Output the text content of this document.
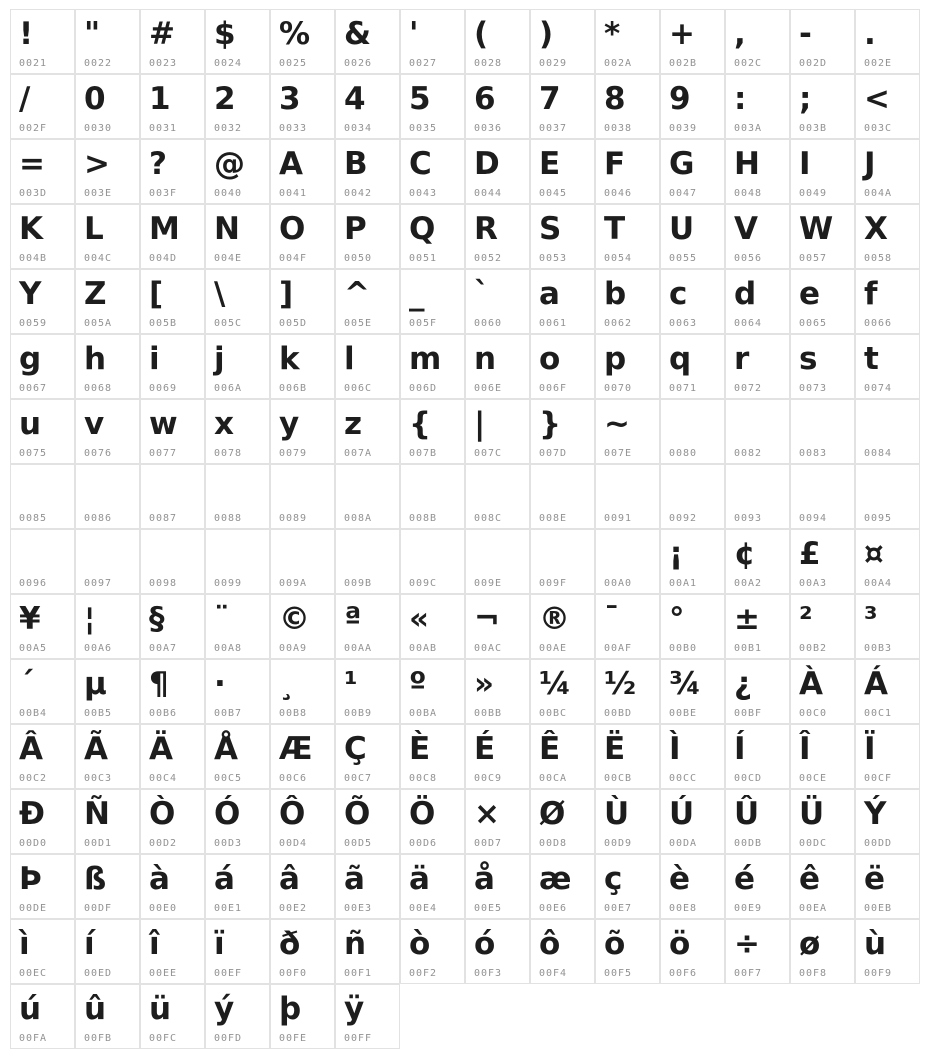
!
0021
"
0022
#
0023
$
0024
%
0025
&
0026
'
0027
(
0028
)
0029
*
002A
+
002B
,
002C
-
002D
.
002E
/
002F
0
0030
1
0031
2
0032
3
0033
4
0034
5
0035
6
0036
7
0037
8
0038
9
0039
:
003A
;
003B
<
003C
=
003D
>
003E
?
003F
@
0040
A
0041
B
0042
C
0043
D
0044
E
0045
F
0046
G
0047
H
0048
I
0049
J
004A
K
004B
L
004C
M
004D
N
004E
O
004F
P
0050
Q
0051
R
0052
S
0053
T
0054
U
0055
V
0056
W
0057
X
0058
Y
0059
Z
005A
[
005B
\
005C
]
005D
^
005E
_
005F
`
0060
a
0061
b
0062
c
0063
d
0064
e
0065
f
0066
g
0067
h
0068
i
0069
j
006A
k
006B
l
006C
m
006D
n
006E
o
006F
p
0070
q
0071
r
0072
s
0073
t
0074
u
0075
v
0076
w
0077
x
0078
y
0079
z
007A
{
007B
|
007C
}
007D
~
007E	0080	0082	0083	0084
0085	0086	0087	0088	0089	008A	008B	008C	008E	0091	0092	0093	0094	0095
0096	0097	0098	0099	009A	009B	009C	009E	009F	00A0
¡
00A1
¢
00A2
£
00A3
¤
00A4
¥
00A5
¦
00A6
§
00A7
¨
00A8
©
00A9
ª
00AA
«
00AB
¬
00AC
®
00AE
¯
00AF
°
00B0
±
00B1
²
00B2
³
00B3
´
00B4
µ
00B5
¶
00B6
·
00B7
¸
00B8
¹
00B9
º
00BA
»
00BB
¼
00BC
½
00BD
¾
00BE
¿
00BF
À
00C0
Á
00C1
Â
00C2
Ã
00C3
Ä
00C4
Å
00C5
Æ
00C6
Ç
00C7
È
00C8
É
00C9
Ê
00CA
Ë
00CB
Ì
00CC
Í
00CD
Î
00CE
Ï
00CF
Ð
00D0
Ñ
00D1
Ò
00D2
Ó
00D3
Ô
00D4
Õ
00D5
Ö
00D6
×
00D7
Ø
00D8
Ù
00D9
Ú
00DA
Û
00DB
Ü
00DC
Ý
00DD
Þ
00DE
ß
00DF
à
00E0
á
00E1
â
00E2
ã
00E3
ä
00E4
å
00E5
æ
00E6
ç
00E7
è
00E8
é
00E9
ê
00EA
ë
00EB
ì
00EC
í
00ED
î
00EE
ï
00EF
ð
00F0
ñ
00F1
ò
00F2
ó
00F3
ô
00F4
õ
00F5
ö
00F6
÷
00F7
ø
00F8
ù
00F9
ú
00FA
û
00FB
ü
00FC
ý
00FD
þ
00FE
ÿ
00FF
